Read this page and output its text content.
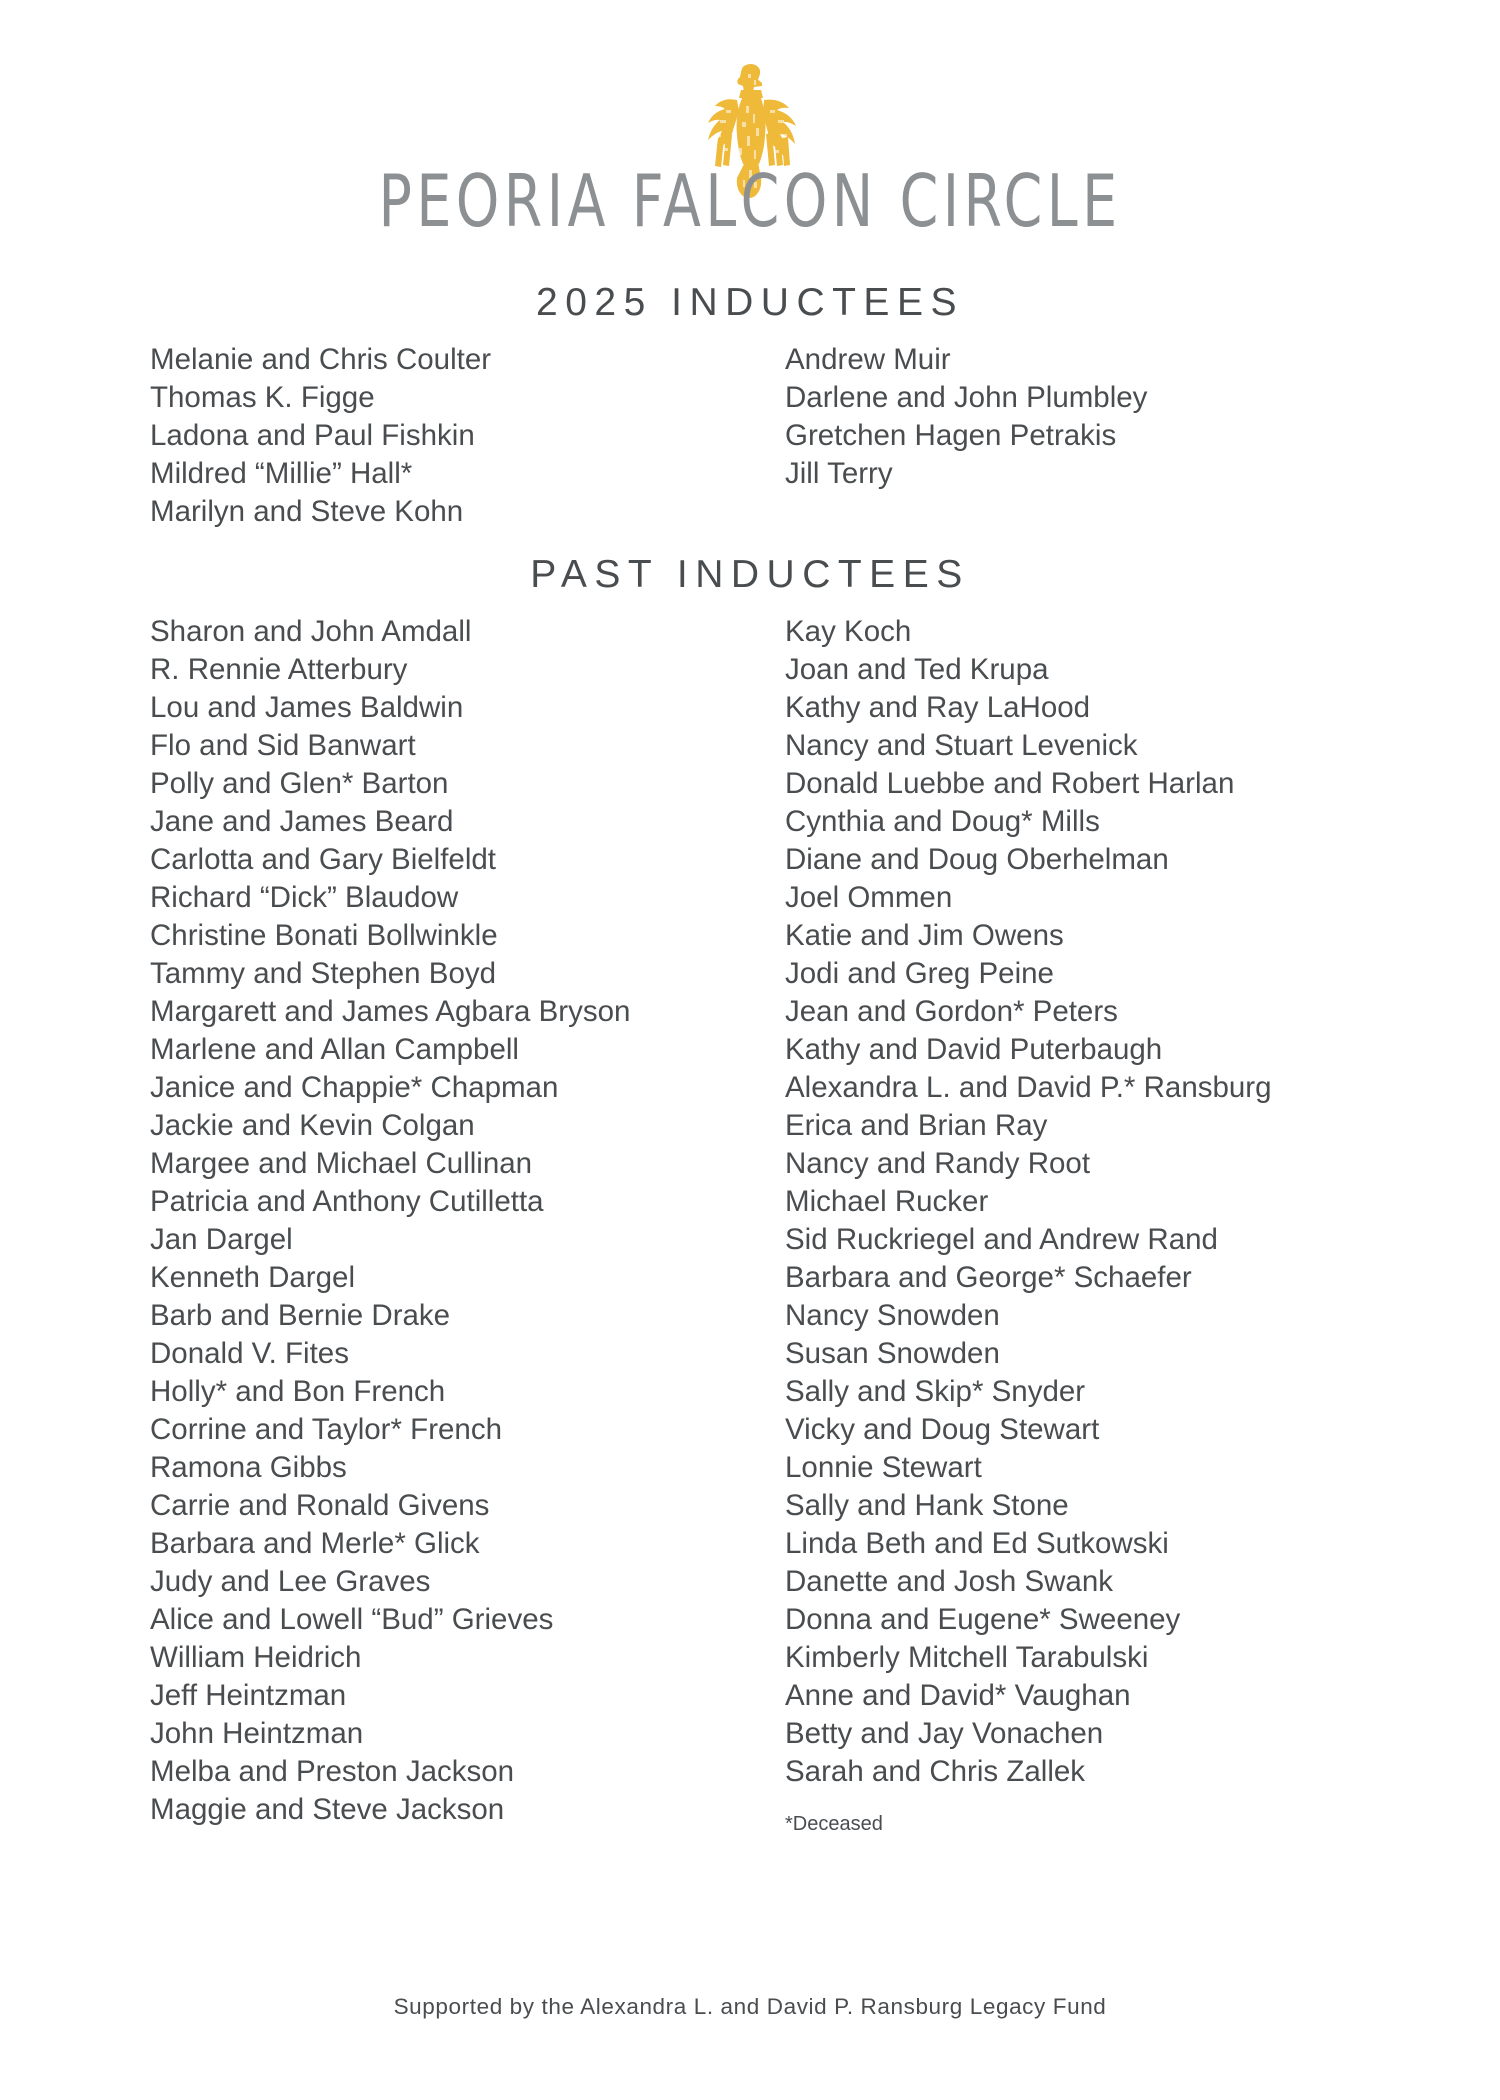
PEORIA FALCON CIRCLE
2025 INDUCTEES
Melanie and Chris Coulter
Thomas K. Figge
Ladona and Paul Fishkin
Mildred “Millie” Hall*
Marilyn and Steve Kohn
Andrew Muir
Darlene and John Plumbley
Gretchen Hagen Petrakis
Jill Terry
PAST INDUCTEES
Sharon and John Amdall
R. Rennie Atterbury
Lou and James Baldwin
Flo and Sid Banwart
Polly and Glen* Barton
Jane and James Beard
Carlotta and Gary Bielfeldt
Richard “Dick” Blaudow
Christine Bonati Bollwinkle
Tammy and Stephen Boyd
Margarett and James Agbara Bryson
Marlene and Allan Campbell
Janice and Chappie* Chapman
Jackie and Kevin Colgan
Margee and Michael Cullinan
Patricia and Anthony Cutilletta
Jan Dargel
Kenneth Dargel
Barb and Bernie Drake
Donald V. Fites
Holly* and Bon French
Corrine and Taylor* French
Ramona Gibbs
Carrie and Ronald Givens
Barbara and Merle* Glick
Judy and Lee Graves
Alice and Lowell “Bud” Grieves
William Heidrich
Jeff Heintzman
John Heintzman
Melba and Preston Jackson
Maggie and Steve Jackson
Kay Koch
Joan and Ted Krupa
Kathy and Ray LaHood
Nancy and Stuart Levenick
Donald Luebbe and Robert Harlan
Cynthia and Doug* Mills
Diane and Doug Oberhelman
Joel Ommen
Katie and Jim Owens
Jodi and Greg Peine
Jean and Gordon* Peters
Kathy and David Puterbaugh
Alexandra L. and David P.* Ransburg
Erica and Brian Ray
Nancy and Randy Root
Michael Rucker
Sid Ruckriegel and Andrew Rand
Barbara and George* Schaefer
Nancy Snowden
Susan Snowden
Sally and Skip* Snyder
Vicky and Doug Stewart
Lonnie Stewart
Sally and Hank Stone
Linda Beth and Ed Sutkowski
Danette and Josh Swank
Donna and Eugene* Sweeney
Kimberly Mitchell Tarabulski
Anne and David* Vaughan
Betty and Jay Vonachen
Sarah and Chris Zallek
*Deceased
Supported by the Alexandra L. and David P. Ransburg Legacy Fund
